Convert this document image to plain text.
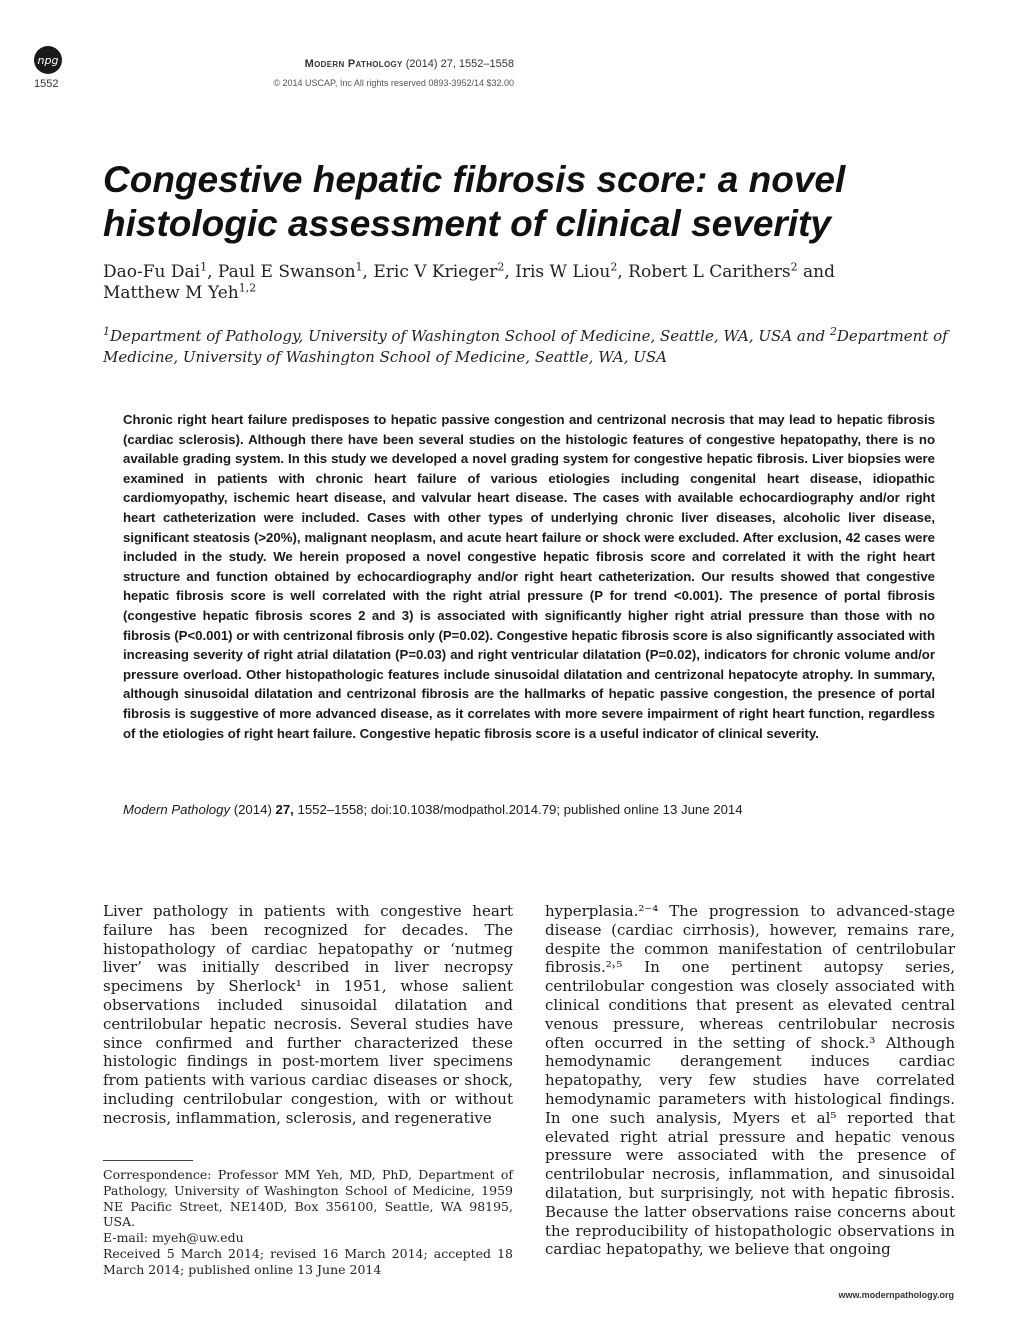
npg
1552
Modern Pathology (2014) 27, 1552–1558
© 2014 USCAP, Inc All rights reserved 0893-3952/14 $32.00
Congestive hepatic fibrosis score: a novel histologic assessment of clinical severity
Dao-Fu Dai$^1$, Paul E Swanson$^1$, Eric V Krieger$^2$, Iris W Liou$^2$, Robert L Carithers$^2$ and
Matthew M Yeh$^{1,2}$
$^1$Department of Pathology, University of Washington School of Medicine, Seattle, WA, USA and $^2$Department of Medicine, University of Washington School of Medicine, Seattle, WA, USA

Chronic right heart failure predisposes to hepatic passive congestion and centrizonal necrosis that may lead to hepatic fibrosis (cardiac sclerosis). Although there have been several studies on the histologic features of congestive hepatopathy, there is no available grading system. In this study we developed a novel grading system for congestive hepatic fibrosis. Liver biopsies were examined in patients with chronic heart failure of various etiologies including congenital heart disease, idiopathic cardiomyopathy, ischemic heart disease, and valvular heart disease. The cases with available echocardiography and/or right heart catheterization were included. Cases with other types of underlying chronic liver diseases, alcoholic liver disease, significant steatosis (>20%), malignant neoplasm, and acute heart failure or shock were excluded. After exclusion, 42 cases were included in the study. We herein proposed a novel congestive hepatic fibrosis score and correlated it with the right heart structure and function obtained by echocardiography and/or right heart catheterization. Our results showed that congestive hepatic fibrosis score is well correlated with the right atrial pressure (P for trend <0.001). The presence of portal fibrosis (congestive hepatic fibrosis scores 2 and 3) is associated with significantly higher right atrial pressure than those with no fibrosis (P<0.001) or with centrizonal fibrosis only (P=0.02). Congestive hepatic fibrosis score is also significantly associated with increasing severity of right atrial dilatation (P=0.03) and right ventricular dilatation (P=0.02), indicators for chronic volume and/or pressure overload. Other histopathologic features include sinusoidal dilatation and centrizonal hepatocyte atrophy. In summary, although sinusoidal dilatation and centrizonal fibrosis are the hallmarks of hepatic passive congestion, the presence of portal fibrosis is suggestive of more advanced disease, as it correlates with more severe impairment of right heart function, regardless of the etiologies of right heart failure. Congestive hepatic fibrosis score is a useful indicator of clinical severity.

Modern Pathology (2014) 27, 1552–1558; doi:10.1038/modpathol.2014.79; published online 13 June 2014

Liver pathology in patients with congestive heart failure has been recognized for decades. The histopathology of cardiac hepatopathy or ‘nutmeg liver’ was initially described in liver necropsy specimens by Sherlock¹ in 1951, whose salient observations included sinusoidal dilatation and centrilobular hepatic necrosis. Several studies have since confirmed and further characterized these histologic findings in post-mortem liver specimens from patients with various cardiac diseases or shock, including centrilobular congestion, with or without necrosis, inflammation, sclerosis, and regenerative

hyperplasia.²⁻⁴ The progression to advanced-stage disease (cardiac cirrhosis), however, remains rare, despite the common manifestation of centrilobular fibrosis.²˒⁵ In one pertinent autopsy series, centrilobular congestion was closely associated with clinical conditions that present as elevated central venous pressure, whereas centrilobular necrosis often occurred in the setting of shock.³ Although hemodynamic derangement induces cardiac hepatopathy, very few studies have correlated hemodynamic parameters with histological findings. In one such analysis, Myers et al⁵ reported that elevated right atrial pressure and hepatic venous pressure were associated with the presence of centrilobular necrosis, inflammation, and sinusoidal dilatation, but surprisingly, not with hepatic fibrosis. Because the latter observations raise concerns about the reproducibility of histopathologic observations in cardiac hepatopathy, we believe that ongoing

Correspondence: Professor MM Yeh, MD, PhD, Department of Pathology, University of Washington School of Medicine, 1959 NE Pacific Street, NE140D, Box 356100, Seattle, WA 98195, USA.
E-mail: myeh@uw.edu
Received 5 March 2014; revised 16 March 2014; accepted 18 March 2014; published online 13 June 2014
www.modernpathology.org
